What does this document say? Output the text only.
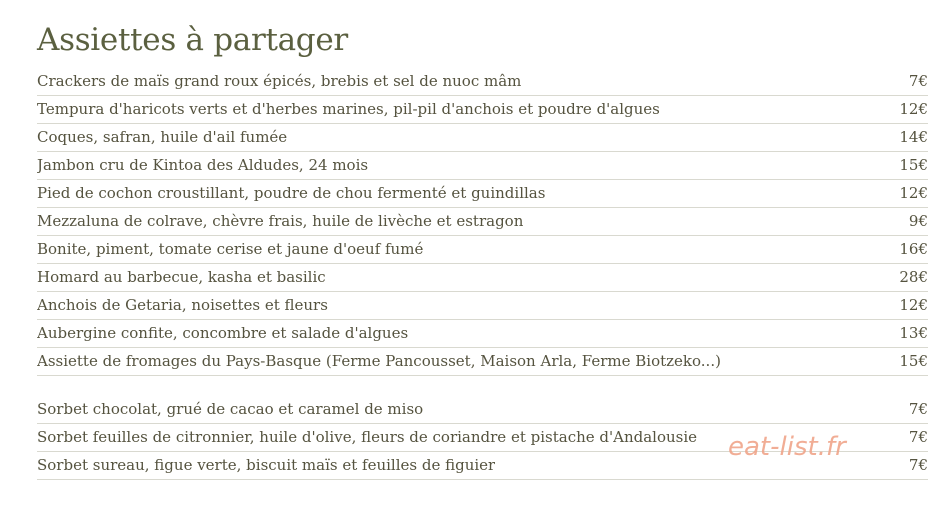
Assiettes à partager
Crackers de maïs grand roux épicés, brebis et sel de nuoc mâm	7€
Tempura d'haricots verts et d'herbes marines, pil-pil d'anchois et poudre d'algues	12€
Coques, safran, huile d'ail fumée	14€
Jambon cru de Kintoa des Aldudes, 24 mois	15€
Pied de cochon croustillant, poudre de chou fermenté et guindillas	12€
Mezzaluna de colrave, chèvre frais, huile de livèche et estragon	9€
Bonite, piment, tomate cerise et jaune d'oeuf fumé	16€
Homard au barbecue, kasha et basilic	28€
Anchois de Getaria, noisettes et fleurs	12€
Aubergine confite, concombre et salade d'algues	13€
Assiette de fromages du Pays-Basque (Ferme Pancousset, Maison Arla, Ferme Biotzeko...)	15€
Sorbet chocolat, grué de cacao et caramel de miso	7€
Sorbet feuilles de citronnier, huile d'olive, fleurs de coriandre et pistache d'Andalousie	7€
Sorbet sureau, figue verte, biscuit maïs et feuilles de figuier	7€
eat-list.fr
